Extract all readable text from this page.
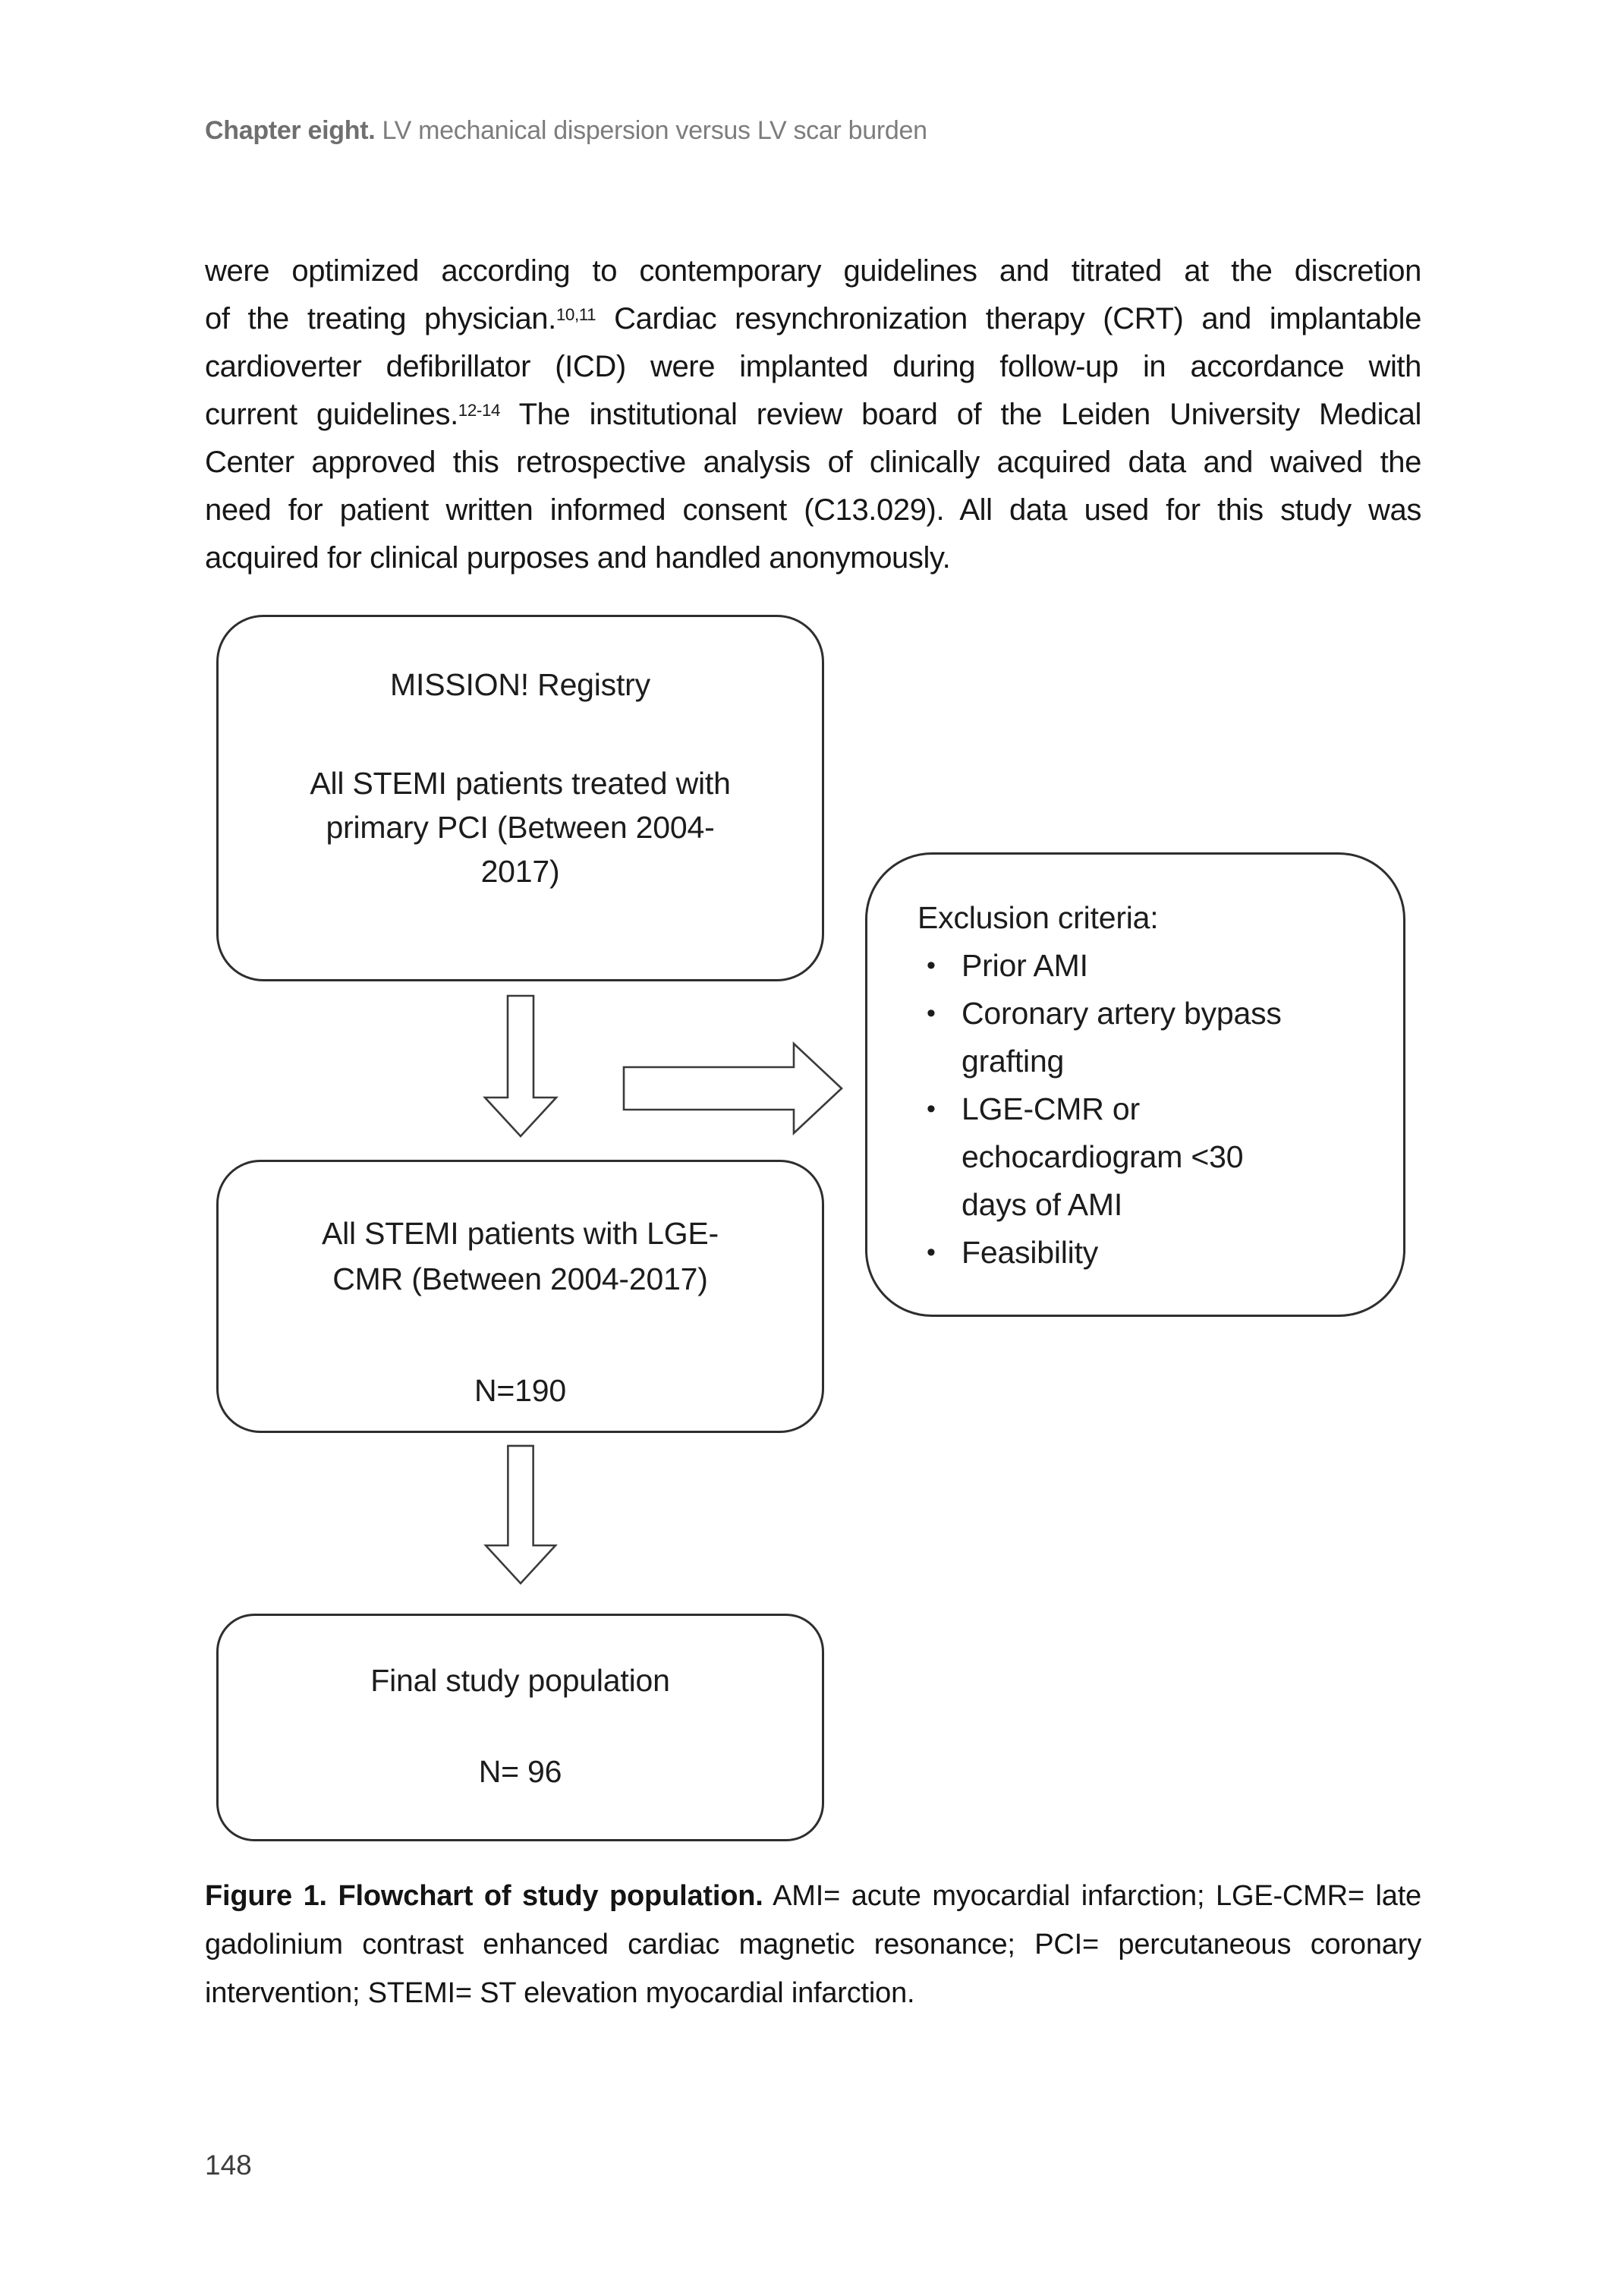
Chapter eight. LV mechanical dispersion versus LV scar burden
were optimized according to contemporary guidelines and titrated at the discretion
of the treating physician.$^{10,11}$ Cardiac resynchronization therapy (CRT) and implantable
cardioverter defibrillator (ICD) were implanted during follow-up in accordance with
current guidelines.$^{12-14}$ The institutional review board of the Leiden University Medical
Center approved this retrospective analysis of clinically acquired data and waived the
need for patient written informed consent (C13.029). All data used for this study was
acquired for clinical purposes and handled anonymously.
MISSION! Registry
All STEMI patients treated with
primary PCI (Between 2004-
2017)
Exclusion criteria:
• Prior AMI
• Coronary artery bypass
grafting
• LGE-CMR or
echocardiogram <30
days of AMI
• Feasibility
All STEMI patients with LGE-
CMR (Between 2004-2017)
N=190
Final study population
N= 96
Figure 1. Flowchart of study population. AMI= acute myocardial infarction; LGE-CMR= late
gadolinium contrast enhanced cardiac magnetic resonance; PCI= percutaneous coronary
intervention; STEMI= ST elevation myocardial infarction.
148
